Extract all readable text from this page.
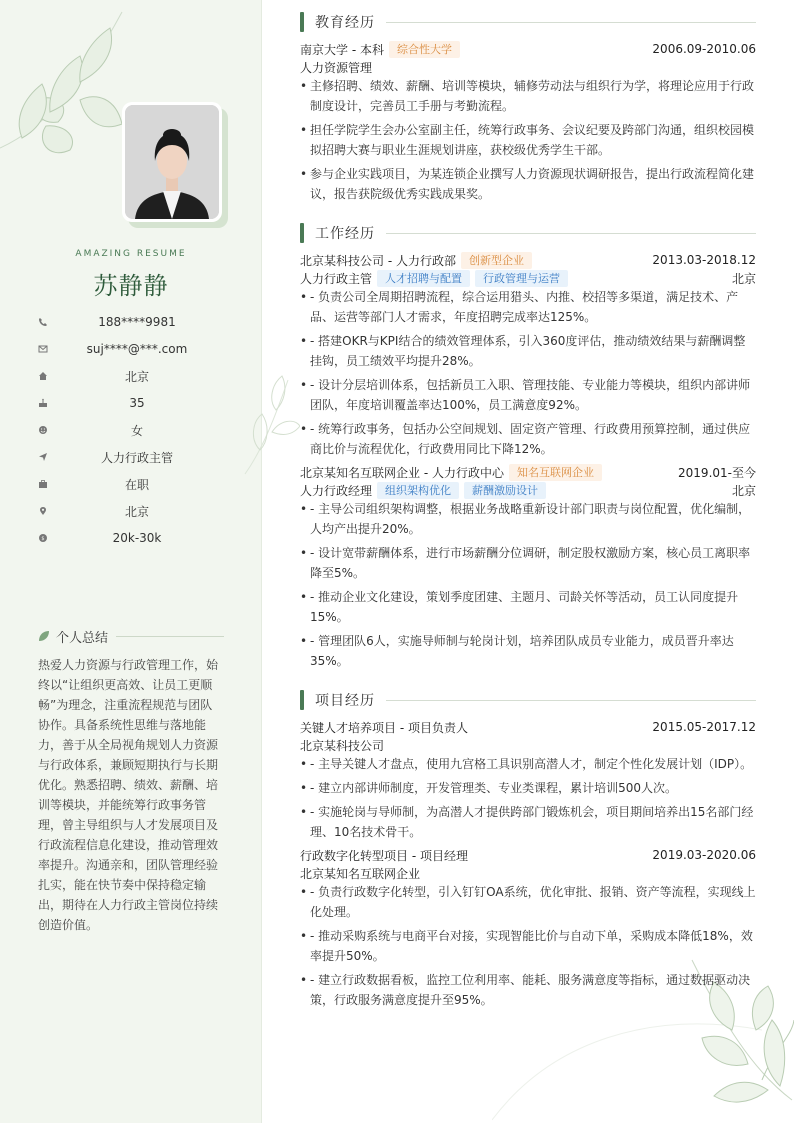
AMAZING RESUME
苏静静
188****9981
suj****@***.com
北京
35
女
人力行政主管
在职
北京
$	20k-30k
个人总结
热爱人力资源与行政管理工作，始终以“让组织更高效、让员工更顺畅”为理念，注重流程规范与团队协作。具备系统性思维与落地能力，善于从全局视角规划人力资源与行政体系，兼顾短期执行与长期优化。熟悉招聘、绩效、薪酬、培训等模块，并能统筹行政事务管理，曾主导组织与人才发展项目及行政流程信息化建设，推动管理效率提升。沟通亲和，团队管理经验扎实，能在快节奏中保持稳定输出，期待在人力行政主管岗位持续创造价值。
教育经历
南京大学 - 本科	综合性大学	2006.09-2010.06
人力资源管理
• 主修招聘、绩效、薪酬、培训等模块，辅修劳动法与组织行为学，将理论应用于行政制度设计，完善员工手册与考勤流程。
• 担任学院学生会办公室副主任，统筹行政事务、会议纪要及跨部门沟通，组织校园模拟招聘大赛与职业生涯规划讲座，获校级优秀学生干部。
• 参与企业实践项目，为某连锁企业撰写人力资源现状调研报告，提出行政流程简化建议，报告获院级优秀实践成果奖。
工作经历
北京某科技公司 - 人力行政部	创新型企业	2013.03-2018.12
人力行政主管	人才招聘与配置	行政管理与运营	北京
• - 负责公司全周期招聘流程，综合运用猎头、内推、校招等多渠道，满足技术、产品、运营等部门人才需求，年度招聘完成率达125%。
• - 搭建OKR与KPI结合的绩效管理体系，引入360度评估，推动绩效结果与薪酬调整挂钩，员工绩效平均提升28%。
• - 设计分层培训体系，包括新员工入职、管理技能、专业能力等模块，组织内部讲师团队，年度培训覆盖率达100%，员工满意度92%。
• - 统筹行政事务，包括办公空间规划、固定资产管理、行政费用预算控制，通过供应商比价与流程优化，行政费用同比下降12%。
北京某知名互联网企业 - 人力行政中心	知名互联网企业	2019.01-至今
人力行政经理	组织架构优化	薪酬激励设计	北京
• - 主导公司组织架构调整，根据业务战略重新设计部门职责与岗位配置，优化编制，人均产出提升20%。
• - 设计宽带薪酬体系，进行市场薪酬分位调研，制定股权激励方案，核心员工离职率降至5%。
• - 推动企业文化建设，策划季度团建、主题月、司龄关怀等活动，员工认同度提升15%。
• - 管理团队6人，实施导师制与轮岗计划，培养团队成员专业能力，成员晋升率达35%。
项目经历
关键人才培养项目 - 项目负责人	2015.05-2017.12
北京某科技公司
• - 主导关键人才盘点，使用九宫格工具识别高潜人才，制定个性化发展计划（IDP）。
• - 建立内部讲师制度，开发管理类、专业类课程，累计培训500人次。
• - 实施轮岗与导师制，为高潜人才提供跨部门锻炼机会，项目期间培养出15名部门经理、10名技术骨干。
行政数字化转型项目 - 项目经理	2019.03-2020.06
北京某知名互联网企业
• - 负责行政数字化转型，引入钉钉OA系统，优化审批、报销、资产等流程，实现线上化处理。
• - 推动采购系统与电商平台对接，实现智能比价与自动下单，采购成本降低18%，效率提升50%。
• - 建立行政数据看板，监控工位利用率、能耗、服务满意度等指标，通过数据驱动决策，行政服务满意度提升至95%。
